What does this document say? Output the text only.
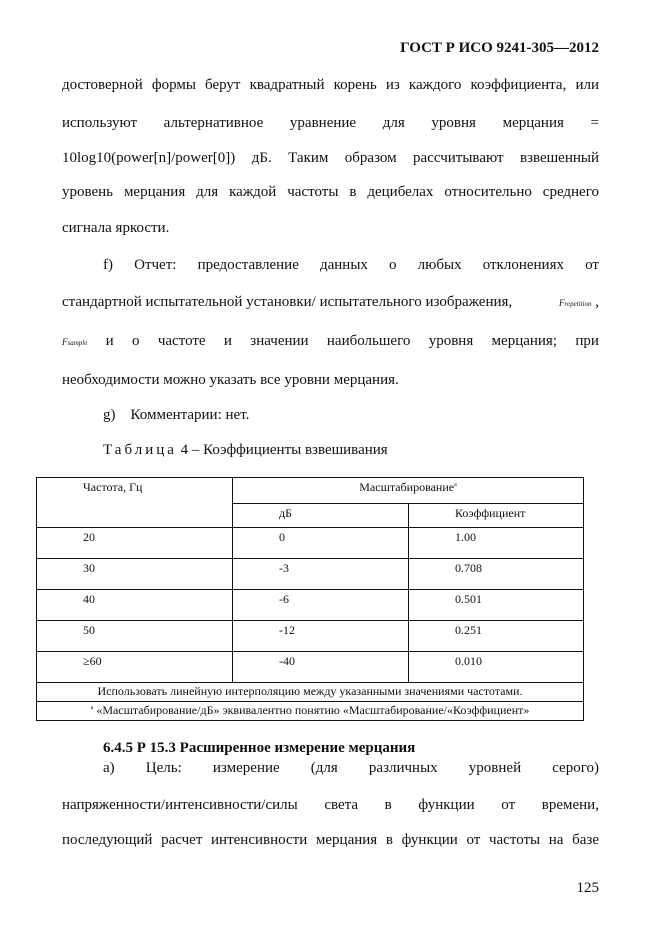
ГОСТ Р ИСО 9241-305—2012
достоверной формы берут квадратный корень из каждого коэффициента, или
используют альтернативное уравнение для уровня мерцания =
10log10(power[n]/power[0]) дБ. Таким образом рассчитывают взвешенный
уровень мерцания для каждой частоты в децибелах относительно среднего
сигнала яркости.
f) Отчет: предоставление данных о любых отклонениях от
стандартной испытательной установки/ испытательного изображения,	Frepetition ,
Fsample и о частоте и значении наибольшего уровня мерцания; при
необходимости можно указать все уровни мерцания.
g)    Комментарии: нет.
Таблица 4 – Коэффициенты взвешивания
Частота, Гц	Масштабирование$^a$
	дБ	Коэффициент
20	0	1.00
30	-3	0.708
40	-6	0.501
50	-12	0.251
≥60	-40	0.010
Использовать линейную интерполяцию между указанными значениями частотами.		
$^a$ «Масштабирование/дБ» эквивалентно понятию «Масштабирование/«Коэффициент»		
6.4.5 Р 15.3 Расширенное измерение мерцания
а) Цель: измерение (для различных уровней серого)
напряженности/интенсивности/силы света в функции от времени,
последующий расчет интенсивности мерцания в функции от частоты на базе
125
